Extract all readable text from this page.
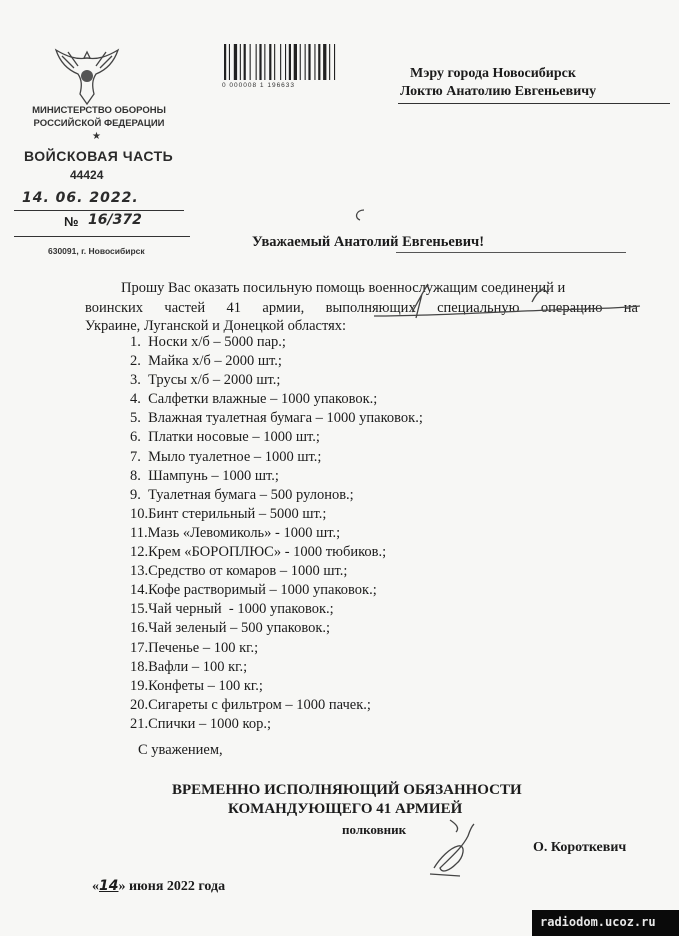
МИНИСТЕРСТВО ОБОРОНЫ
РОССИЙСКОЙ ФЕДЕРАЦИИ
★
ВОЙСКОВАЯ ЧАСТЬ
44424
14. 06. 2022.
№ 16/372
630091, г. Новосибирск
0 000008 1 196633
Мэру города Новосибирск
Локтю Анатолию Евгеньевичу
Уважаемый Анатолий Евгеньевич!
Прошу Вас оказать посильную помощь военнослужащим соединений и
воинских частей 41 армии, выполняющих специальную операцию на
Украине, Луганской и Донецкой областях:
1.  Носки х/б – 5000 пар.;
2.  Майка х/б – 2000 шт.;
3.  Трусы х/б – 2000 шт.;
4.  Салфетки влажные – 1000 упаковок.;
5.  Влажная туалетная бумага – 1000 упаковок.;
6.  Платки носовые – 1000 шт.;
7.  Мыло туалетное – 1000 шт.;
8.  Шампунь – 1000 шт.;
9.  Туалетная бумага – 500 рулонов.;
10.Бинт стерильный – 5000 шт.;
11.Мазь «Левомиколь» - 1000 шт.;
12.Крем «БОРОПЛЮС» - 1000 тюбиков.;
13.Средство от комаров – 1000 шт.;
14.Кофе растворимый – 1000 упаковок.;
15.Чай черный  - 1000 упаковок.;
16.Чай зеленый – 500 упаковок.;
17.Печенье – 100 кг.;
18.Вафли – 100 кг.;
19.Конфеты – 100 кг.;
20.Сигареты с фильтром – 1000 пачек.;
21.Спички – 1000 кор.;
С уважением,
ВРЕМЕННО ИСПОЛНЯЮЩИЙ ОБЯЗАННОСТИ
КОМАНДУЮЩЕГО 41 АРМИЕЙ
полковник
О. Короткевич
«14» июня 2022 года
radiodom.ucoz.ru
